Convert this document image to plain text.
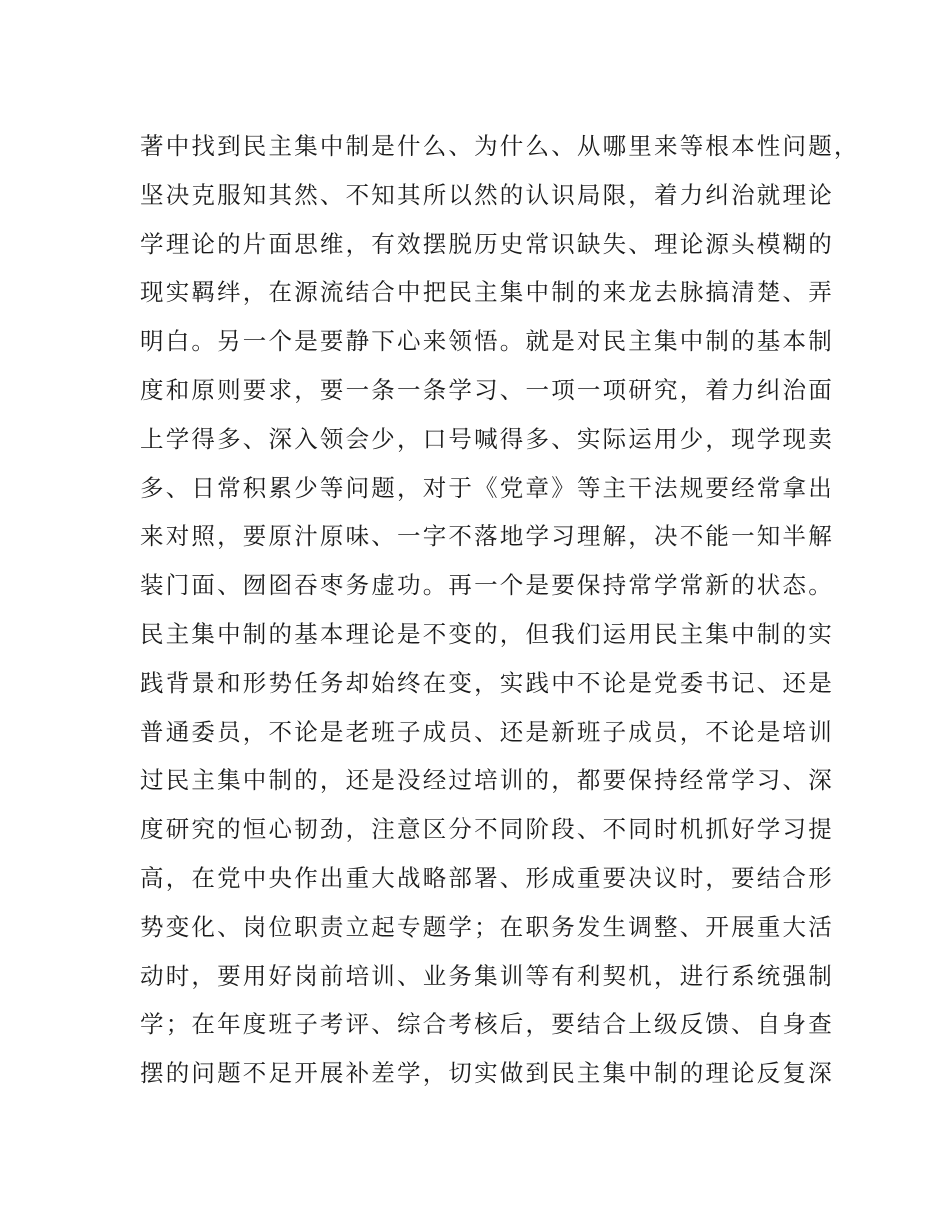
著中找到民主集中制是什么、为什么、从哪里来等根本性问题，
坚决克服知其然、不知其所以然的认识局限，着力纠治就理论
学理论的片面思维，有效摆脱历史常识缺失、理论源头模糊的
现实羁绊，在源流结合中把民主集中制的来龙去脉搞清楚、弄
明白。另一个是要静下心来领悟。就是对民主集中制的基本制
度和原则要求，要一条一条学习、一项一项研究，着力纠治面
上学得多、深入领会少，口号喊得多、实际运用少，现学现卖
多、日常积累少等问题，对于《党章》等主干法规要经常拿出
来对照，要原汁原味、一字不落地学习理解，决不能一知半解
装门面、囫囵吞枣务虚功。再一个是要保持常学常新的状态。
民主集中制的基本理论是不变的，但我们运用民主集中制的实
践背景和形势任务却始终在变，实践中不论是党委书记、还是
普通委员，不论是老班子成员、还是新班子成员，不论是培训
过民主集中制的，还是没经过培训的，都要保持经常学习、深
度研究的恒心韧劲，注意区分不同阶段、不同时机抓好学习提
高，在党中央作出重大战略部署、形成重要决议时，要结合形
势变化、岗位职责立起专题学；在职务发生调整、开展重大活
动时，要用好岗前培训、业务集训等有利契机，进行系统强制
学；在年度班子考评、综合考核后，要结合上级反馈、自身查
摆的问题不足开展补差学，切实做到民主集中制的理论反复深
